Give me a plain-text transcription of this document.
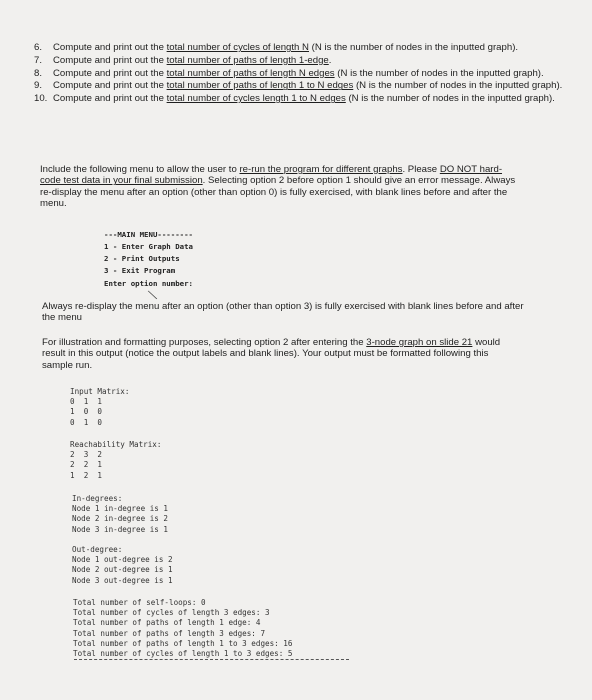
6.	Compute and print out the total number of cycles of length N (N is the number of nodes in the inputted graph).
7.	Compute and print out the total number of paths of length 1-edge.
8.	Compute and print out the total number of paths of length N edges (N is the number of nodes in the inputted graph).
9.	Compute and print out the total number of paths of length 1 to N edges (N is the number of nodes in the inputted graph).
10. Compute and print out the total number of cycles length 1 to N edges (N is the number of nodes in the inputted graph).
Include the following menu to allow the user to re-run the program for different graphs. Please DO NOT hard-code test data in your final submission. Selecting option 2 before option 1 should give an error message. Always re-display the menu after an option (other than option 0) is fully exercised, with blank lines before and after the menu.
---MAIN MENU--------
1 - Enter Graph Data
2 - Print Outputs
3 - Exit Program
Enter option number:
╲
Always re-display the menu after an option (other than option 3) is fully exercised with blank lines before and after the menu
For illustration and formatting purposes, selecting option 2 after entering the 3-node graph on slide 21 would result in this output (notice the output labels and blank lines). Your output must be formatted following this sample run.
Input Matrix:
0  1  1
1  0  0
0  1  0
Reachability Matrix:
2  3  2
2  2  1
1  2  1
In-degrees:
Node 1 in-degree is 1
Node 2 in-degree is 2
Node 3 in-degree is 1
Out-degree:
Node 1 out-degree is 2
Node 2 out-degree is 1
Node 3 out-degree is 1
Total number of self-loops: 0
Total number of cycles of length 3 edges: 3
Total number of paths of length 1 edge: 4
Total number of paths of length 3 edges: 7
Total number of paths of length 1 to 3 edges: 16
Total number of cycles of length 1 to 3 edges: 5
